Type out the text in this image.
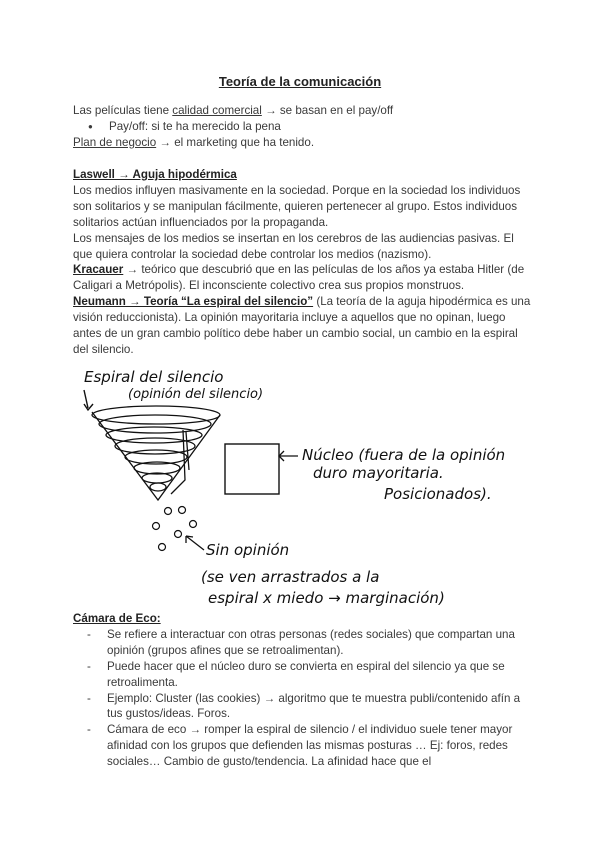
Teoría de la comunicación

Las películas tiene calidad comercial → se basan en el pay/off

● Pay/off: si te ha merecido la pena

Plan de negocio → el marketing que ha tenido.

Laswell → Aguja hipodérmica

Los medios influyen masivamente en la sociedad. Porque en la sociedad los individuos son solitarios y se manipulan fácilmente, quieren pertenecer al grupo. Estos individuos solitarios actúan influenciados por la propaganda.

Los mensajes de los medios se insertan en los cerebros de las audiencias pasivas. El que quiera controlar la sociedad debe controlar los medios (nazismo).

Kracauer → teórico que descubrió que en las películas de los años ya estaba Hitler (de Caligari a Metrópolis). El inconsciente colectivo crea sus propios monstruos.

Neumann → Teoría “La espiral del silencio” (La teoría de la aguja hipodérmica es una visión reduccionista). La opinión mayoritaria incluye a aquellos que no opinan, luego antes de un gran cambio político debe haber un cambio social, un cambio en la espiral del silencio.

Espiral del silencio
(opinión del silencio)
Núcleo (fuera de la opinión
duro mayoritaria.
Posicionados).
Sin opinión
(se ven arrastrados a la
espiral x miedo → marginación)

Cámara de Eco:

- Se refiere a interactuar con otras personas (redes sociales) que compartan una opinión (grupos afines que se retroalimentan).
- Puede hacer que el núcleo duro se convierta en espiral del silencio ya que se retroalimenta.
- Ejemplo: Cluster (las cookies) → algoritmo que te muestra publi/contenido afín a tus gustos/ideas. Foros.
- Cámara de eco → romper la espiral de silencio / el individuo suele tener mayor afinidad con los grupos que defienden las mismas posturas … Ej: foros, redes sociales… Cambio de gusto/tendencia. La afinidad hace que el
